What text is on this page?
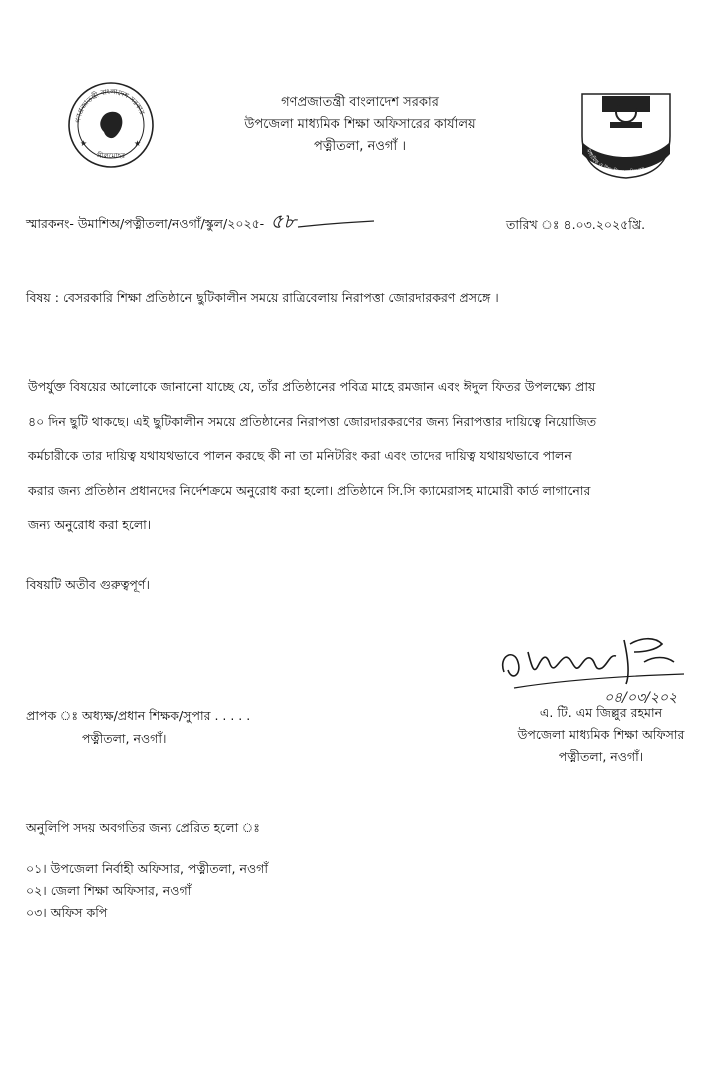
গণপ্রজাতন্ত্রী বাংলাদেশ সরকার
সীলমোহর
★	★
গণপ্রজাতন্ত্রী বাংলাদেশ সরকার
উপজেলা মাধ্যমিক শিক্ষা অফিসারের কার্যালয়
পত্নীতলা, নওগাঁ ।	মাধ্যমিক ও উচ্চ শিক্ষা অধিদপ্তর
স্মারকনং- উমাশিঅ/পত্নীতলা/নওগাঁ/স্কুল/২০২৫- ৫৮	তারিখ ঃ ৪.০৩.২০২৫খ্রি.
বিষয় : বেসরকারি শিক্ষা প্রতিষ্ঠানে ছুটিকালীন সময়ে রাত্রিবেলায় নিরাপত্তা জোরদারকরণ প্রসঙ্গে ।
উপর্যুক্ত বিষয়ের আলোকে জানানো যাচ্ছে যে, তাঁর প্রতিষ্ঠানের পবিত্র মাহে রমজান এবং ঈদুল ফিতর উপলক্ষ্যে প্রায়
৪০ দিন ছুটি থাকছে। এই ছুটিকালীন সময়ে প্রতিষ্ঠানের নিরাপত্তা জোরদারকরণের জন্য নিরাপত্তার দায়িত্বে নিয়োজিত
কর্মচারীকে তার দায়িত্ব যথাযথভাবে পালন করছে কী না তা মনিটরিং করা এবং তাদের দায়িত্ব যথায়থভাবে পালন
করার জন্য প্রতিষ্ঠান প্রধানদের নির্দেশক্রমে অনুরোধ করা হলো। প্রতিষ্ঠানে সি.সি ক্যামেরাসহ মামোরী কার্ড লাগানোর
জন্য অনুরোধ করা হলো।
বিষয়টি অতীব গুরুত্বপূর্ণ।
০৪/০৩/২০২
এ. টি. এম জিল্লুর রহমান
উপজেলা মাধ্যমিক শিক্ষা অফিসার
পত্নীতলা, নওগাঁ।
প্রাপক ঃ অধ্যক্ষ/প্রধান শিক্ষক/সুপার . . . . .
পত্নীতলা, নওগাঁ।
অনুলিপি সদয় অবগতির জন্য প্রেরিত হলো ঃ
০১। উপজেলা নির্বাহী অফিসার, পত্নীতলা, নওগাঁ
০২। জেলা শিক্ষা অফিসার, নওগাঁ
০৩। অফিস কপি
